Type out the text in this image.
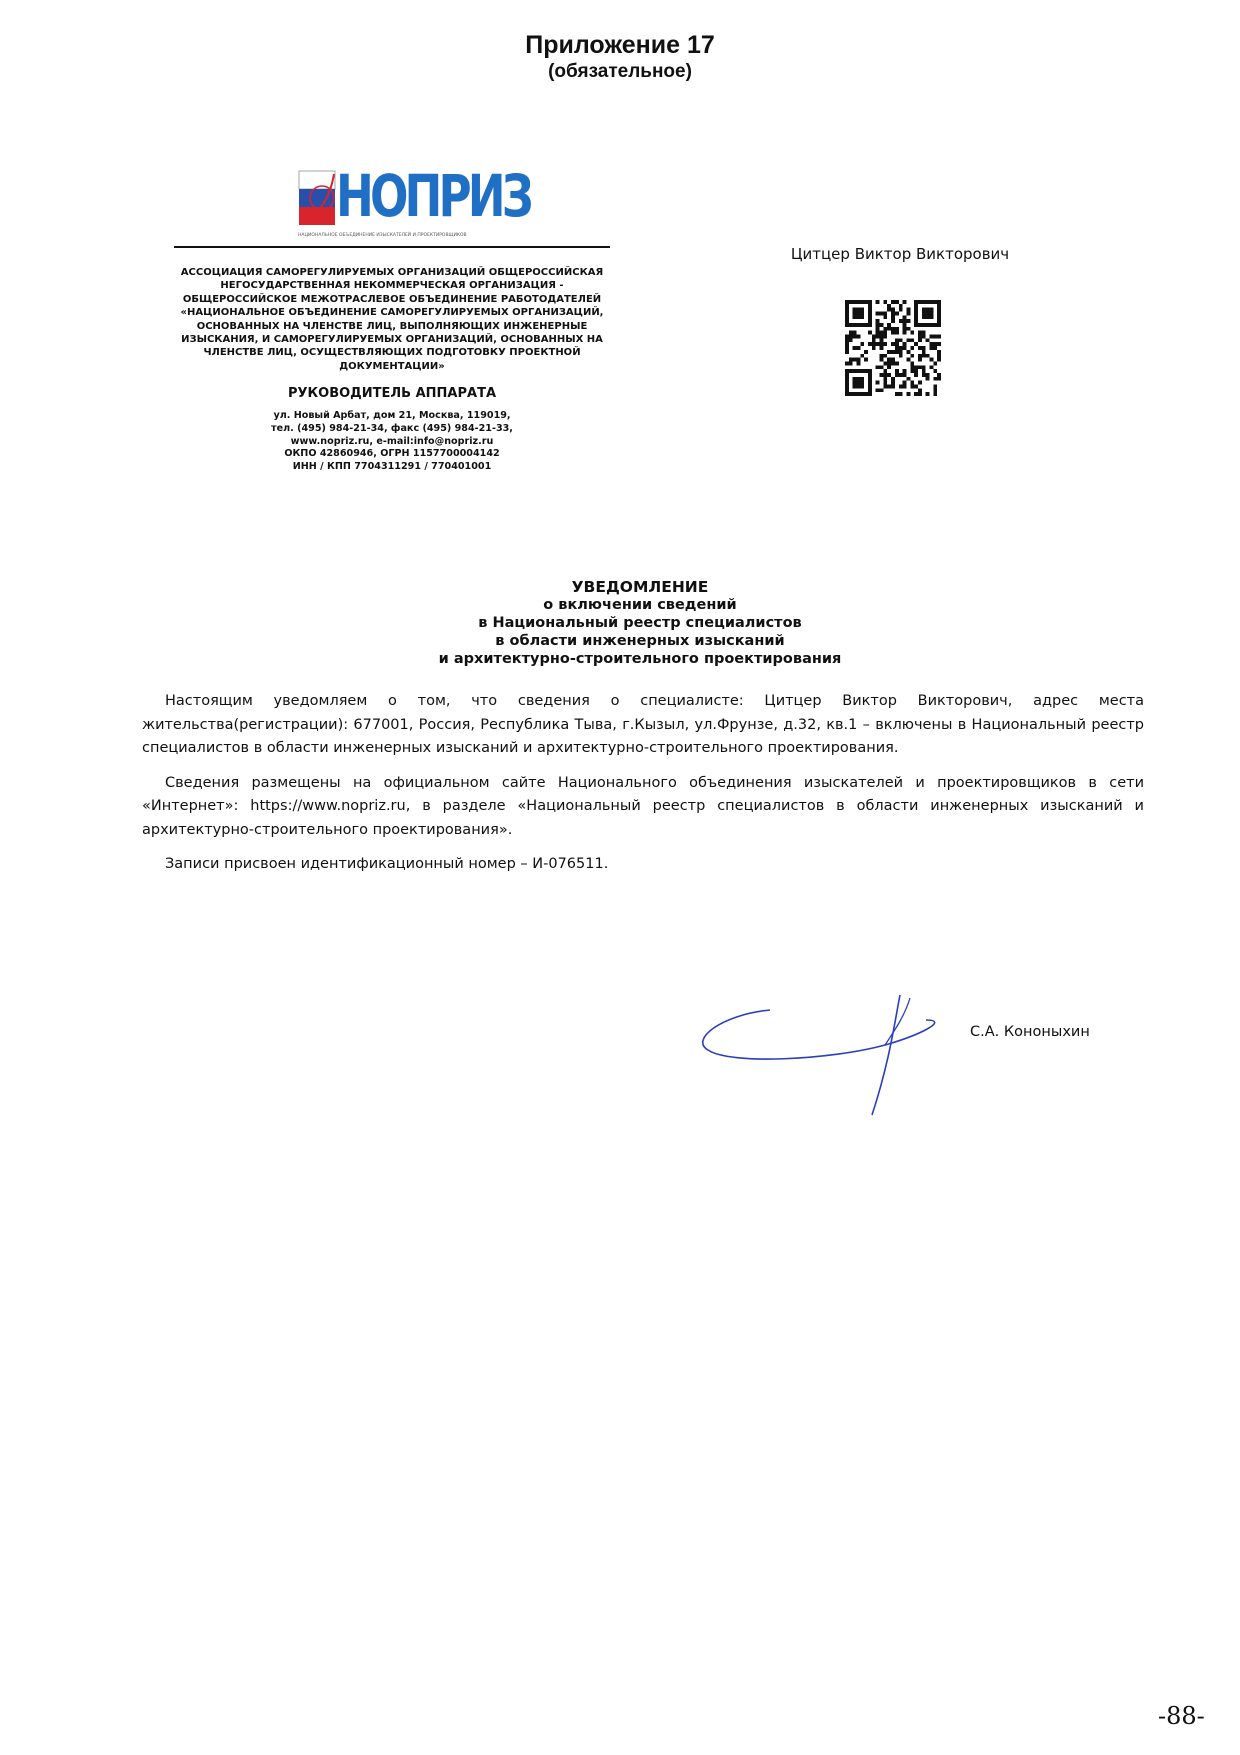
Приложение 17
(обязательное)
НОПРИЗ
НАЦИОНАЛЬНОЕ ОБЪЕДИНЕНИЕ ИЗЫСКАТЕЛЕЙ И ПРОЕКТИРОВЩИКОВ
АССОЦИАЦИЯ САМОРЕГУЛИРУЕМЫХ ОРГАНИЗАЦИЙ ОБЩЕРОССИЙСКАЯ
НЕГОСУДАРСТВЕННАЯ НЕКОММЕРЧЕСКАЯ ОРГАНИЗАЦИЯ -
ОБЩЕРОССИЙСКОЕ МЕЖОТРАСЛЕВОЕ ОБЪЕДИНЕНИЕ РАБОТОДАТЕЛЕЙ
«НАЦИОНАЛЬНОЕ ОБЪЕДИНЕНИЕ САМОРЕГУЛИРУЕМЫХ ОРГАНИЗАЦИЙ,
ОСНОВАННЫХ НА ЧЛЕНСТВЕ ЛИЦ, ВЫПОЛНЯЮЩИХ ИНЖЕНЕРНЫЕ
ИЗЫСКАНИЯ, И САМОРЕГУЛИРУЕМЫХ ОРГАНИЗАЦИЙ, ОСНОВАННЫХ НА
ЧЛЕНСТВЕ ЛИЦ, ОСУЩЕСТВЛЯЮЩИХ ПОДГОТОВКУ ПРОЕКТНОЙ
ДОКУМЕНТАЦИИ»
РУКОВОДИТЕЛЬ АППАРАТА
ул. Новый Арбат, дом 21, Москва, 119019,
тел. (495) 984-21-34, факс (495) 984-21-33,
www.nopriz.ru, e-mail:info@nopriz.ru
ОКПО 42860946, ОГРН 1157700004142
ИНН / КПП 7704311291 / 770401001
Цитцер Виктор Викторович
УВЕДОМЛЕНИЕ
о включении сведений
в Национальный реестр специалистов
в области инженерных изысканий
и архитектурно-строительного проектирования

Настоящим уведомляем о том, что сведения о специалисте: Цитцер Виктор Викторович, адрес места жительства(регистрации): 677001, Россия, Республика Тыва, г.Кызыл, ул.Фрунзе, д.32, кв.1 – включены в Национальный реестр специалистов в области инженерных изысканий и архитектурно-строительного проектирования.

Сведения размещены на официальном сайте Национального объединения изыскателей и проектировщиков в сети «Интернет»: https://www.nopriz.ru, в разделе «Национальный реестр специалистов в области инженерных изысканий и архитектурно-строительного проектирования».

Записи присвоен идентификационный номер – И-076511.

С.А. Кононыхин
-88-
